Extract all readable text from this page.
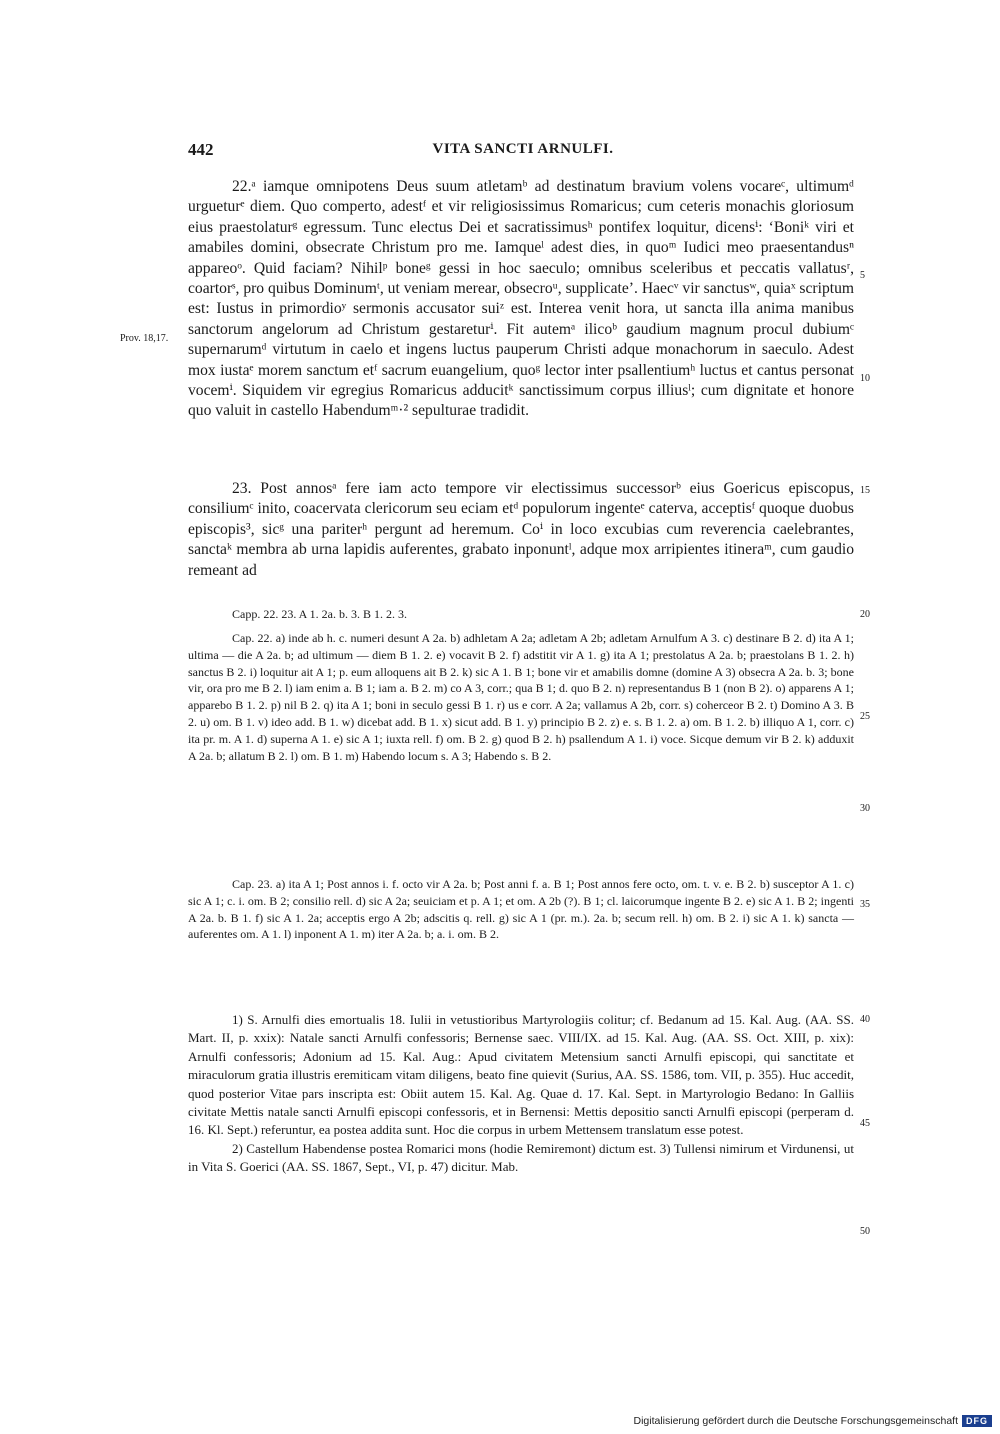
442	VITA SANCTI ARNULFI.

22.ᵃ iamque omnipotens Deus suum atletamᵇ ad destinatum bravium volens vocareᶜ, ultimumᵈ urgueturᵉ diem. Quo comperto, adestᶠ et vir religiosissimus Romaricus; cum ceteris monachis gloriosum eius praestolaturᵍ egressum. Tunc electus Dei et sacratissimusʰ pontifex loquitur, dicensⁱ: ‘Boniᵏ viri et amabiles domini, obsecrate Christum pro me. Iamqueˡ adest dies, in quoᵐ Iudici meo praesentandusⁿ appareoᵒ. Quid faciam? Nihilᵖ boneᵍ gessi in hoc saeculo; omnibus sceleribus et peccatis vallatusʳ, coartorˢ, pro quibus Dominumᵗ, ut veniam merear, obsecroᵘ, supplicate’. Haecᵛ vir sanctusʷ, quiaˣ scriptum est: Iustus in primordioʸ sermonis accusator suiᶻ est. Interea venit hora, ut sancta illa anima manibus sanctorum angelorum ad Christum gestareturⁱ. Fit autemᵃ ilicoᵇ gaudium magnum procul dubiumᶜ supernarumᵈ virtutum in caelo et ingens luctus pauperum Christi adque monachorum in saeculo. Adest mox iustaᵉ morem sanctum etᶠ sacrum euangelium, quoᵍ lector inter psallentiumʰ luctus et cantus personat vocemⁱ. Siquidem vir egregius Romaricus adducitᵏ sanctissimum corpus illiusˡ; cum dignitate et honore quo valuit in castello Habendumᵐ·² sepulturae tradidit.

23. Post annosᵃ fere iam acto tempore vir electissimus successorᵇ eius Goericus episcopus, consiliumᶜ inito, coacervata clericorum seu eciam etᵈ populorum ingenteᵉ caterva, acceptisᶠ quoque duobus episcopis³, sicᵍ una pariterʰ pergunt ad heremum. Coⁱ in loco excubias cum reverencia caelebrantes, sanctaᵏ membra ab urna lapidis auferentes, grabato inponuntˡ, adque mox arripientes itineraᵐ, cum gaudio remeant ad

Prov. 18,17.
5
10
15
20
25
30
35
40
45
50

Capp. 22. 23. A 1. 2a. b. 3. B 1. 2. 3.

Cap. 22. a) inde ab h. c. numeri desunt A 2a. b) adhletam A 2a; adletam A 2b; adletam Arnulfum A 3. c) destinare B 2. d) ita A 1; ultima — die A 2a. b; ad ultimum — diem B 1. 2. e) vocavit B 2. f) adstitit vir A 1. g) ita A 1; prestolatus A 2a. b; praestolans B 1. 2. h) sanctus B 2. i) loquitur ait A 1; p. eum alloquens ait B 2. k) sic A 1. B 1; bone vir et amabilis domne (domine A 3) obsecra A 2a. b. 3; bone vir, ora pro me B 2. l) iam enim a. B 1; iam a. B 2. m) co A 3, corr.; qua B 1; d. quo B 2. n) representandus B 1 (non B 2). o) apparens A 1; apparebo B 1. 2. p) nil B 2. q) ita A 1; boni in seculo gessi B 1. r) us e corr. A 2a; vallamus A 2b, corr. s) coherceor B 2. t) Domino A 3. B 2. u) om. B 1. v) ideo add. B 1. w) dicebat add. B 1. x) sicut add. B 1. y) principio B 2. z) e. s. B 1. 2. a) om. B 1. 2. b) illiquo A 1, corr. c) ita pr. m. A 1. d) superna A 1. e) sic A 1; iuxta rell. f) om. B 2. g) quod B 2. h) psallendum A 1. i) voce. Sicque demum vir B 2. k) adduxit A 2a. b; allatum B 2. l) om. B 1. m) Habendo locum s. A 3; Habendo s. B 2.

Cap. 23. a) ita A 1; Post annos i. f. octo vir A 2a. b; Post anni f. a. B 1; Post annos fere octo, om. t. v. e. B 2. b) susceptor A 1. c) sic A 1; c. i. om. B 2; consilio rell. d) sic A 2a; seuiciam et p. A 1; et om. A 2b (?). B 1; cl. laicorumque ingente B 2. e) sic A 1. B 2; ingenti A 2a. b. B 1. f) sic A 1. 2a; acceptis ergo A 2b; adscitis q. rell. g) sic A 1 (pr. m.). 2a. b; secum rell. h) om. B 2. i) sic A 1. k) sancta — auferentes om. A 1. l) inponent A 1. m) iter A 2a. b; a. i. om. B 2.

1) S. Arnulfi dies emortualis 18. Iulii in vetustioribus Martyrologiis colitur; cf. Bedanum ad 15. Kal. Aug. (AA. SS. Mart. II, p. xxix): Natale sancti Arnulfi confessoris; Bernense saec. VIII/IX. ad 15. Kal. Aug. (AA. SS. Oct. XIII, p. xix): Arnulfi confessoris; Adonium ad 15. Kal. Aug.: Apud civitatem Metensium sancti Arnulfi episcopi, qui sanctitate et miraculorum gratia illustris eremiticam vitam diligens, beato fine quievit (Surius, AA. SS. 1586, tom. VII, p. 355). Huc accedit, quod posterior Vitae pars inscripta est: Obiit autem 15. Kal. Ag. Quae d. 17. Kal. Sept. in Martyrologio Bedano: In Galliis civitate Mettis natale sancti Arnulfi episcopi confessoris, et in Bernensi: Mettis depositio sancti Arnulfi episcopi (perperam d. 16. Kl. Sept.) referuntur, ea postea addita sunt. Hoc die corpus in urbem Mettensem translatum esse potest.

2) Castellum Habendense postea Romarici mons (hodie Remiremont) dictum est. 3) Tullensi nimirum et Virdunensi, ut in Vita S. Goerici (AA. SS. 1867, Sept., VI, p. 47) dicitur. Mab.

Digitalisierung gefördert durch die Deutsche Forschungsgemeinschaft DFG
